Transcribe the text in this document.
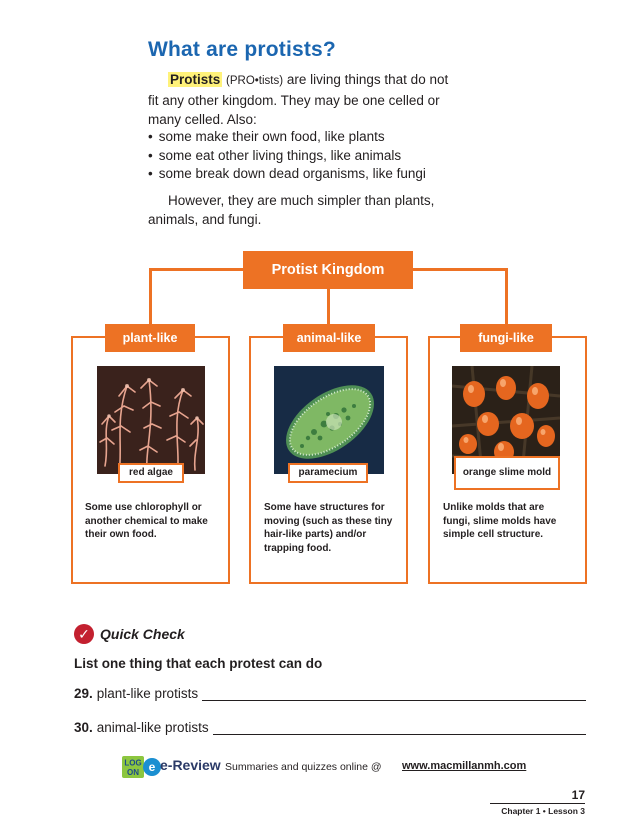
What are protists?
Protists (PRO•tists) are living things that do not
fit any other kingdom. They may be one celled or
many celled. Also:
• some make their own food, like plants
• some eat other living things, like animals
• some break down dead organisms, like fungi
However, they are much simpler than plants,
animals, and fungi.
Protist Kingdom
plant-like
red algae
Some use chlorophyll or another chemical to make their own food.
animal-like
paramecium
Some have structures for moving (such as these tiny hair-like parts) and/or trapping food.
fungi-like
orange slime mold
Unlike molds that are fungi, slime molds have simple cell structure.
✓ Quick Check
List one thing that each protest can do
29. plant-like protists
30. animal-like protists
LOG
ON e e-Review Summaries and quizzes online @ www.macmillanmh.com
17
Chapter 1 • Lesson 3
